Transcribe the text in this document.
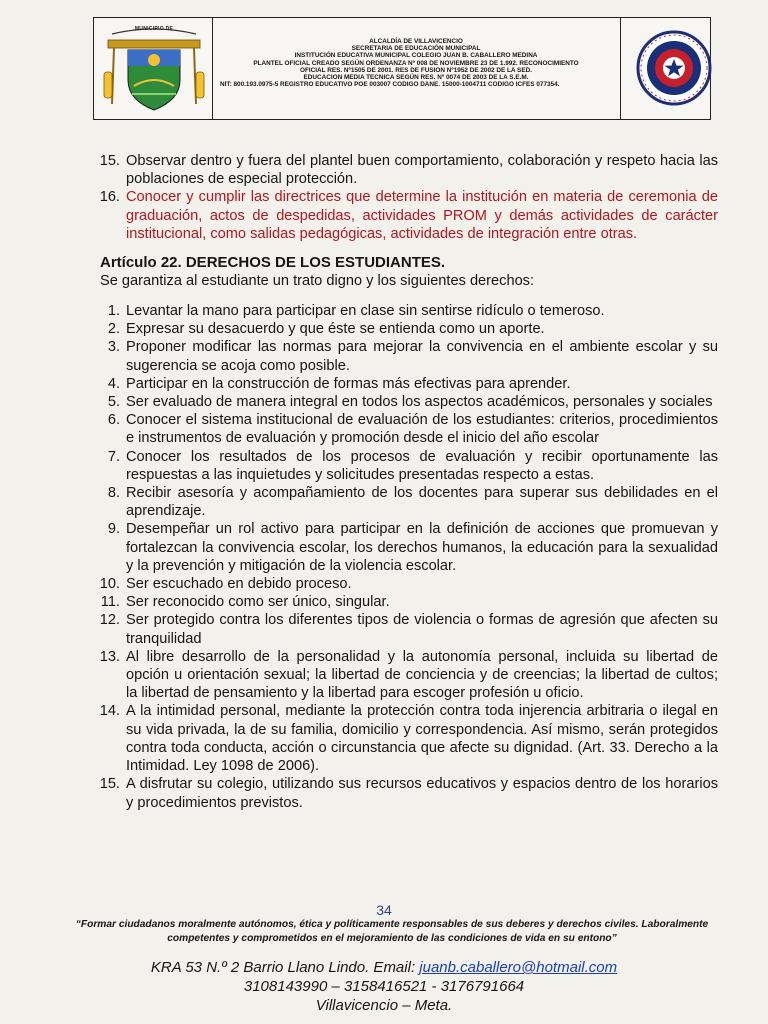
MUNICIPIO DE
ALCALDÍA DE VILLAVICENCIO
SECRETARIA DE EDUCACIÓN MUNICIPAL
INSTITUCIÓN EDUCATIVA MUNICIPAL COLEGIO JUAN B. CABALLERO MEDINA
PLANTEL OFICIAL CREADO SEGÚN ORDENANZA Nº 008 DE NOVIEMBRE 23 DE 1.992. RECONOCIMIENTO
OFICIAL RES. Nº1505 DE 2001. RES DE FUSION Nº1952 DE 2002 DE LA SED.
EDUCACION MEDIA TECNICA SEGÚN RES. Nº 0074 DE 2003 DE LA S.E.M.
NIT: 800.193.0975-5 REGISTRO EDUCATIVO POE 003007 CODIGO DANE. 15000-1004711 CODIGO ICFES 077354.
15. Observar dentro y fuera del plantel buen comportamiento, colaboración y respeto hacia las poblaciones de especial protección.
16. Conocer y cumplir las directrices que determine la institución en materia de ceremonia de graduación, actos de despedidas, actividades PROM y demás actividades de carácter institucional, como salidas pedagógicas, actividades de integración entre otras.
Artículo 22. DERECHOS DE LOS ESTUDIANTES.
Se garantiza al estudiante un trato digno y los siguientes derechos:
1. Levantar la mano para participar en clase sin sentirse ridículo o temeroso.
2. Expresar su desacuerdo y que éste se entienda como un aporte.
3. Proponer modificar las normas para mejorar la convivencia en el ambiente escolar y su sugerencia se acoja como posible.
4. Participar en la construcción de formas más efectivas para aprender.
5. Ser evaluado de manera integral en todos los aspectos académicos, personales y sociales
6. Conocer el sistema institucional de evaluación de los estudiantes: criterios, procedimientos e instrumentos de evaluación y promoción desde el inicio del año escolar
7. Conocer los resultados de los procesos de evaluación y recibir oportunamente las respuestas a las inquietudes y solicitudes presentadas respecto a estas.
8. Recibir asesoría y acompañamiento de los docentes para superar sus debilidades en el aprendizaje.
9. Desempeñar un rol activo para participar en la definición de acciones que promuevan y fortalezcan la convivencia escolar, los derechos humanos, la educación para la sexualidad y la prevención y mitigación de la violencia escolar.
10. Ser escuchado en debido proceso.
11. Ser reconocido como ser único, singular.
12. Ser protegido contra los diferentes tipos de violencia o formas de agresión que afecten su tranquilidad
13. Al libre desarrollo de la personalidad y la autonomía personal, incluida su libertad de opción u orientación sexual; la libertad de conciencia y de creencias; la libertad de cultos; la libertad de pensamiento y la libertad para escoger profesión u oficio.
14. A la intimidad personal, mediante la protección contra toda injerencia arbitraria o ilegal en su vida privada, la de su familia, domicilio y correspondencia. Así mismo, serán protegidos contra toda conducta, acción o circunstancia que afecte su dignidad. (Art. 33. Derecho a la Intimidad. Ley 1098 de 2006).
15. A disfrutar su colegio, utilizando sus recursos educativos y espacios dentro de los horarios y procedimientos previstos.
34
“Formar ciudadanos moralmente autónomos, ética y políticamente responsables de sus deberes y derechos civiles. Laboralmente
competentes y comprometidos en el mejoramiento de las condiciones de vida en su entono”
KRA 53 N.º 2 Barrio Llano Lindo. Email: juanb.caballero@hotmail.com
3108143990 – 3158416521 - 3176791664
Villavicencio – Meta.
